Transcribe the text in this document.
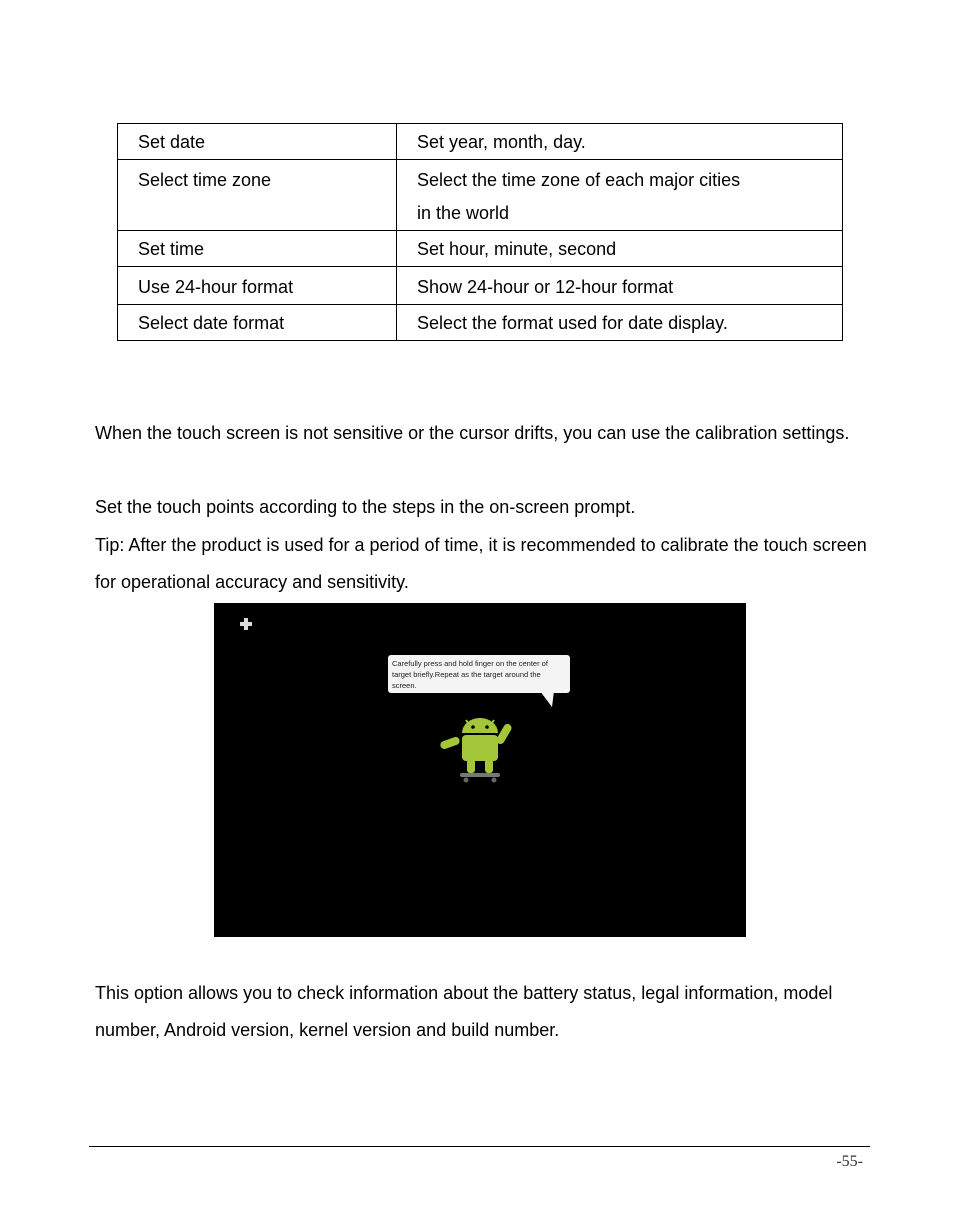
Set date	Set year, month, day.
Select time zone	Select the time zone of each major cities in the world
Set time	Set hour, minute, second
Use 24-hour format	Show 24-hour or 12-hour format
Select date format	Select the format used for date display.

When the touch screen is not sensitive or the cursor drifts, you can use the calibration settings.

Set the touch points according to the steps in the on-screen prompt.

Tip: After the product is used for a period of time, it is recommended to calibrate the touch screen for operational accuracy and sensitivity.

Carefully press and hold finger on the center of target briefly.Repeat as the target around the screen.

This option allows you to check information about the battery status, legal information, model number, Android version, kernel version and build number.

-55-
